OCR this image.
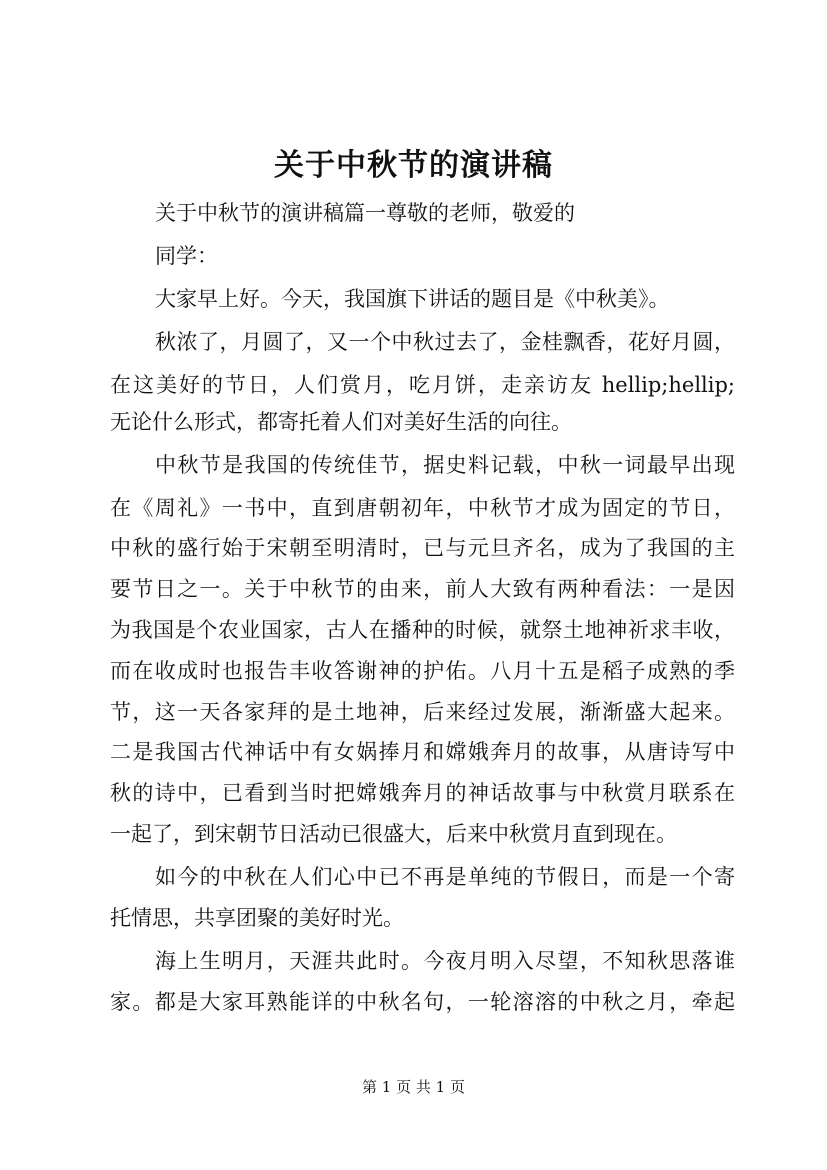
关于中秋节的演讲稿
关于中秋节的演讲稿篇一尊敬的老师，敬爱的
同学：
大家早上好。今天，我国旗下讲话的题目是《中秋美》。
秋浓了，月圆了，又一个中秋过去了，金桂飘香，花好月圆，
在这美好的节日，人们赏月，吃月饼，走亲访友 hellip;hellip;
无论什么形式，都寄托着人们对美好生活的向往。
中秋节是我国的传统佳节，据史料记载，中秋一词最早出现
在《周礼》一书中，直到唐朝初年，中秋节才成为固定的节日，
中秋的盛行始于宋朝至明清时，已与元旦齐名，成为了我国的主
要节日之一。关于中秋节的由来，前人大致有两种看法：一是因
为我国是个农业国家，古人在播种的时候，就祭土地神祈求丰收，
而在收成时也报告丰收答谢神的护佑。八月十五是稻子成熟的季
节，这一天各家拜的是土地神，后来经过发展，渐渐盛大起来。
二是我国古代神话中有女娲捧月和嫦娥奔月的故事，从唐诗写中
秋的诗中，已看到当时把嫦娥奔月的神话故事与中秋赏月联系在
一起了，到宋朝节日活动已很盛大，后来中秋赏月直到现在。
如今的中秋在人们心中已不再是单纯的节假日，而是一个寄
托情思，共享团聚的美好时光。
海上生明月，天涯共此时。今夜月明入尽望，不知秋思落谁
家。都是大家耳熟能详的中秋名句，一轮溶溶的中秋之月，牵起
第 1 页 共 1 页
